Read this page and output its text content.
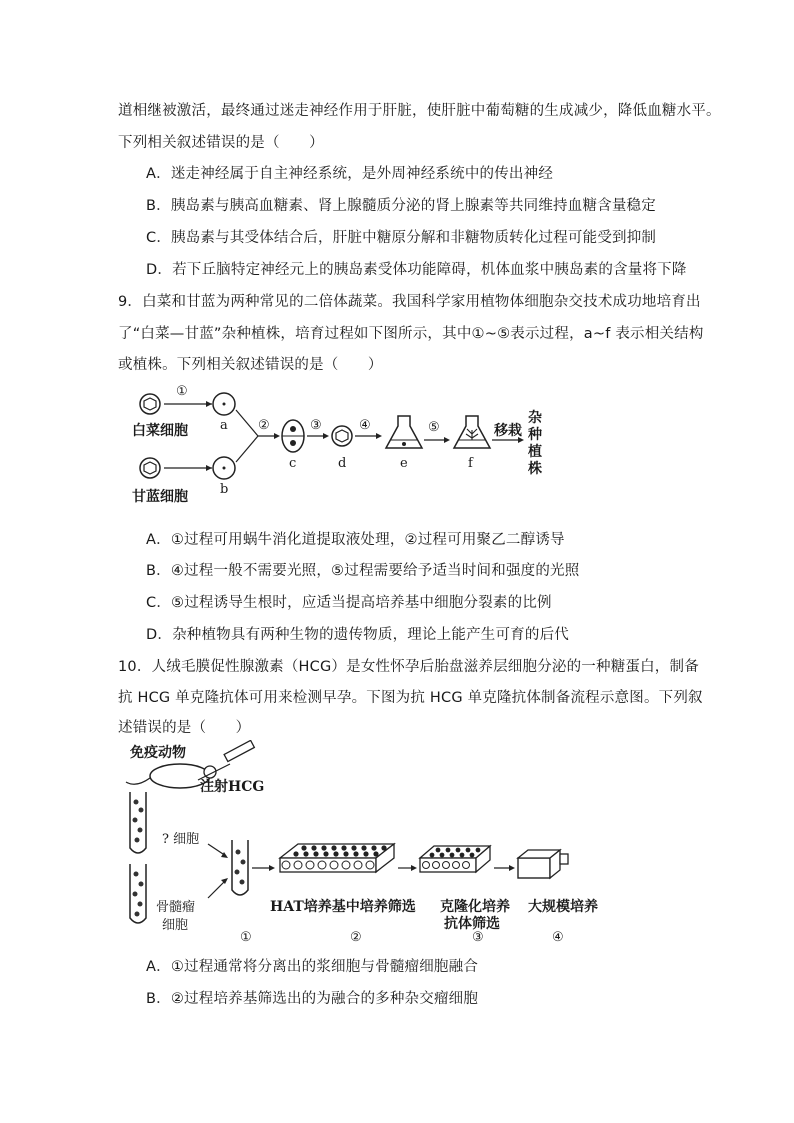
道相继被激活，最终通过迷走神经作用于肝脏，使肝脏中葡萄糖的生成减少，降低血糖水平。
下列相关叙述错误的是（　　）
A．迷走神经属于自主神经系统，是外周神经系统中的传出神经
B．胰岛素与胰高血糖素、肾上腺髓质分泌的肾上腺素等共同维持血糖含量稳定
C．胰岛素与其受体结合后，肝脏中糖原分解和非糖物质转化过程可能受到抑制
D．若下丘脑特定神经元上的胰岛素受体功能障碍，机体血浆中胰岛素的含量将下降
9．白菜和甘蓝为两种常见的二倍体蔬菜。我国科学家用植物体细胞杂交技术成功地培育出
了“白菜—甘蓝”杂种植株，培育过程如下图所示，其中①~⑤表示过程，a~f 表示相关结构
或植株。下列相关叙述错误的是（　　）
白菜细胞
甘蓝细胞
①
a
b
②
c
③
d
④
e
⑤
f
移栽
杂
种
植
株
A．①过程可用蜗牛消化道提取液处理，②过程可用聚乙二醇诱导
B．④过程一般不需要光照，⑤过程需要给予适当时间和强度的光照
C．⑤过程诱导生根时，应适当提高培养基中细胞分裂素的比例
D．杂种植物具有两种生物的遗传物质，理论上能产生可育的后代
10．人绒毛膜促性腺激素（HCG）是女性怀孕后胎盘滋养层细胞分泌的一种糖蛋白，制备
抗 HCG 单克隆抗体可用来检测早孕。下图为抗 HCG 单克隆抗体制备流程示意图。下列叙
述错误的是（　　）
免疫动物
注射HCG
? 细胞
骨髓瘤
细胞
HAT培养基中培养筛选 克隆化培养
抗体筛选
大规模培养
①	②	③	④
A．①过程通常将分离出的浆细胞与骨髓瘤细胞融合
B．②过程培养基筛选出的为融合的多种杂交瘤细胞
